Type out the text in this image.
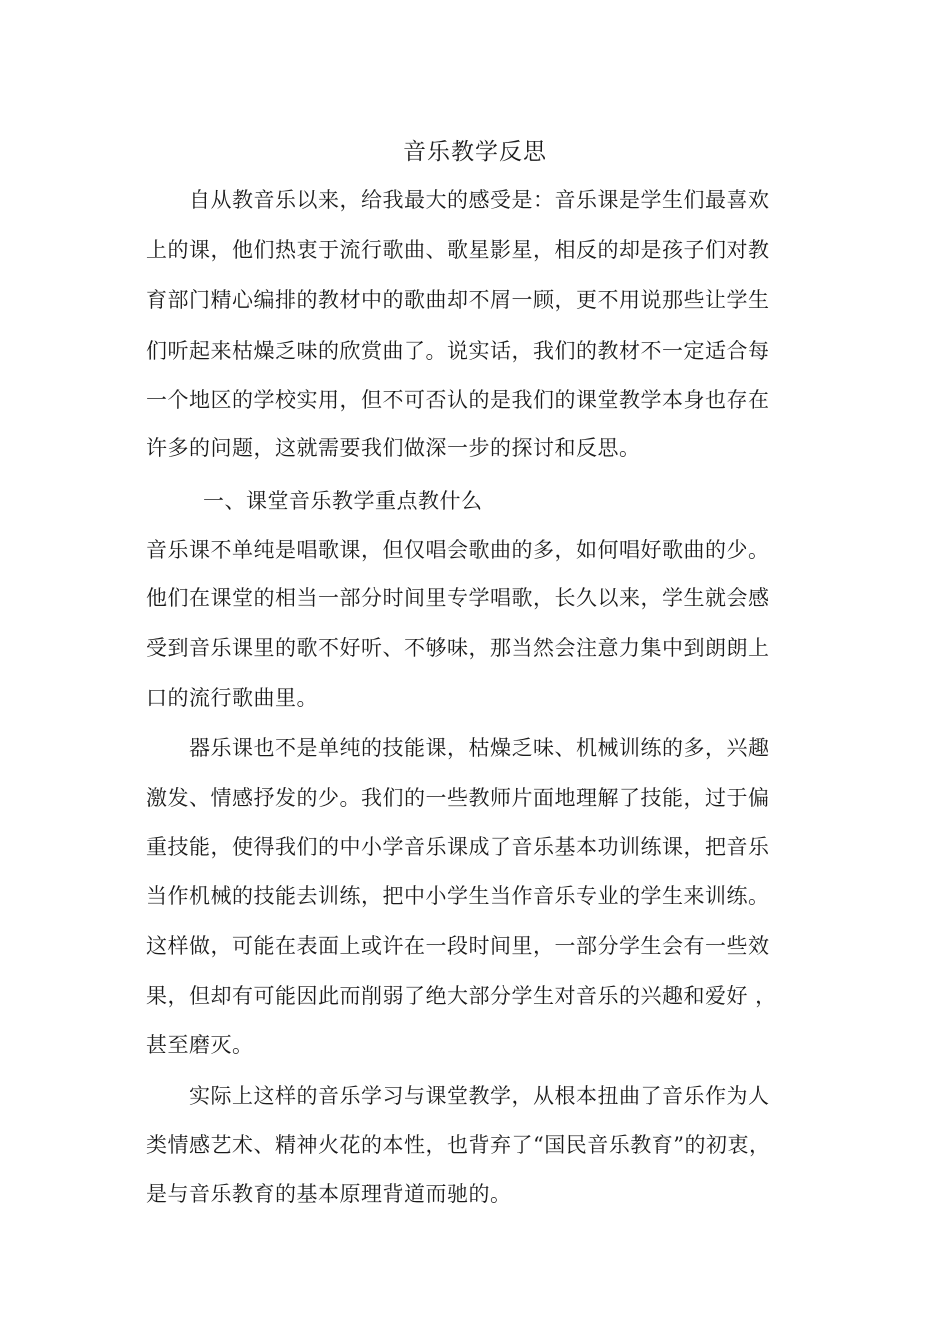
音乐教学反思
自从教音乐以来，给我最大的感受是：音乐课是学生们最喜欢
上的课，他们热衷于流行歌曲、歌星影星，相反的却是孩子们对教
育部门精心编排的教材中的歌曲却不屑一顾，更不用说那些让学生
们听起来枯燥乏味的欣赏曲了。说实话，我们的教材不一定适合每
一个地区的学校实用，但不可否认的是我们的课堂教学本身也存在
许多的问题，这就需要我们做深一步的探讨和反思。
一、课堂音乐教学重点教什么
音乐课不单纯是唱歌课，但仅唱会歌曲的多，如何唱好歌曲的少。
他们在课堂的相当一部分时间里专学唱歌，长久以来，学生就会感
受到音乐课里的歌不好听、不够味，那当然会注意力集中到朗朗上
口的流行歌曲里。
器乐课也不是单纯的技能课，枯燥乏味、机械训练的多，兴趣
激发、情感抒发的少。我们的一些教师片面地理解了技能，过于偏
重技能，使得我们的中小学音乐课成了音乐基本功训练课，把音乐
当作机械的技能去训练，把中小学生当作音乐专业的学生来训练。
这样做，可能在表面上或许在一段时间里，一部分学生会有一些效
果，但却有可能因此而削弱了绝大部分学生对音乐的兴趣和爱好 ，
甚至磨灭。
实际上这样的音乐学习与课堂教学，从根本扭曲了音乐作为人
类情感艺术、精神火花的本性，也背弃了“国民音乐教育”的初衷，
是与音乐教育的基本原理背道而驰的。
